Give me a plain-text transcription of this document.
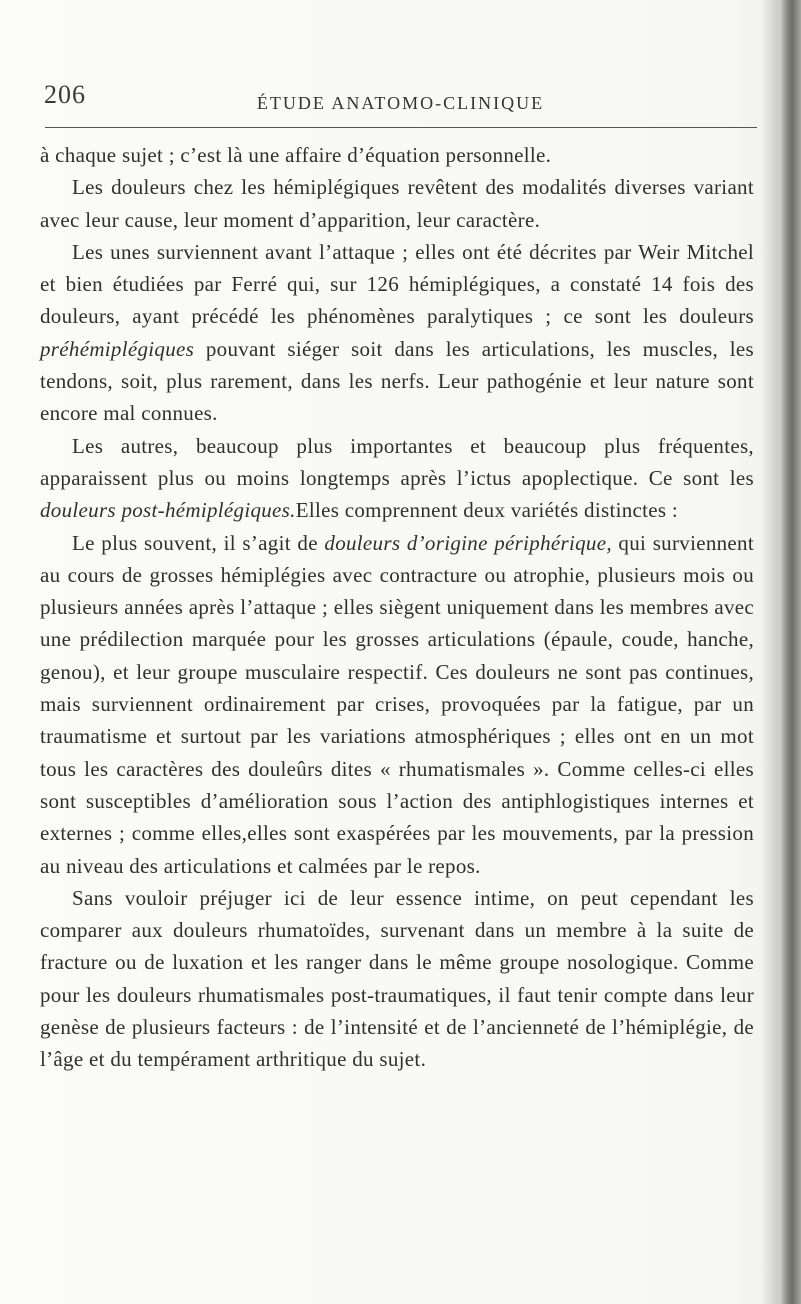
206	ÉTUDE ANATOMO-CLINIQUE

à chaque sujet ; c’est là une affaire d’équation personnelle.

Les douleurs chez les hémiplégiques revêtent des modalités diverses variant avec leur cause, leur moment d’apparition, leur caractère.

Les unes surviennent avant l’attaque ; elles ont été décrites par Weir Mitchel et bien étudiées par Ferré qui, sur 126 hémiplégiques, a constaté 14 fois des douleurs, ayant précédé les phénomènes paralytiques ; ce sont les douleurs préhémiplégiques pouvant siéger soit dans les articulations, les muscles, les tendons, soit, plus rarement, dans les nerfs. Leur pathogénie et leur nature sont encore mal connues.

Les autres, beaucoup plus importantes et beaucoup plus fréquentes, apparaissent plus ou moins longtemps après l’ictus apoplectique. Ce sont les douleurs post-hémiplégiques.Elles comprennent deux variétés distinctes :

Le plus souvent, il s’agit de douleurs d’origine périphérique, qui surviennent au cours de grosses hémiplégies avec contracture ou atrophie, plusieurs mois ou plusieurs années après l’attaque ; elles siègent uniquement dans les membres avec une prédilection marquée pour les grosses articulations (épaule, coude, hanche, genou), et leur groupe musculaire respectif. Ces douleurs ne sont pas continues, mais surviennent ordinairement par crises, provoquées par la fatigue, par un traumatisme et surtout par les variations atmosphériques ; elles ont en un mot tous les caractères des douleûrs dites « rhumatismales ». Comme celles-ci elles sont susceptibles d’amélioration sous l’action des antiphlogistiques internes et externes ; comme elles,elles sont exaspérées par les mouvements, par la pression au niveau des articulations et calmées par le repos.

Sans vouloir préjuger ici de leur essence intime, on peut cependant les comparer aux douleurs rhumatoïdes, survenant dans un membre à la suite de fracture ou de luxation et les ranger dans le même groupe nosologique. Comme pour les douleurs rhumatismales post-traumatiques, il faut tenir compte dans leur genèse de plusieurs facteurs : de l’intensité et de l’ancienneté de l’hémiplégie, de l’âge et du tempérament arthritique du sujet.
